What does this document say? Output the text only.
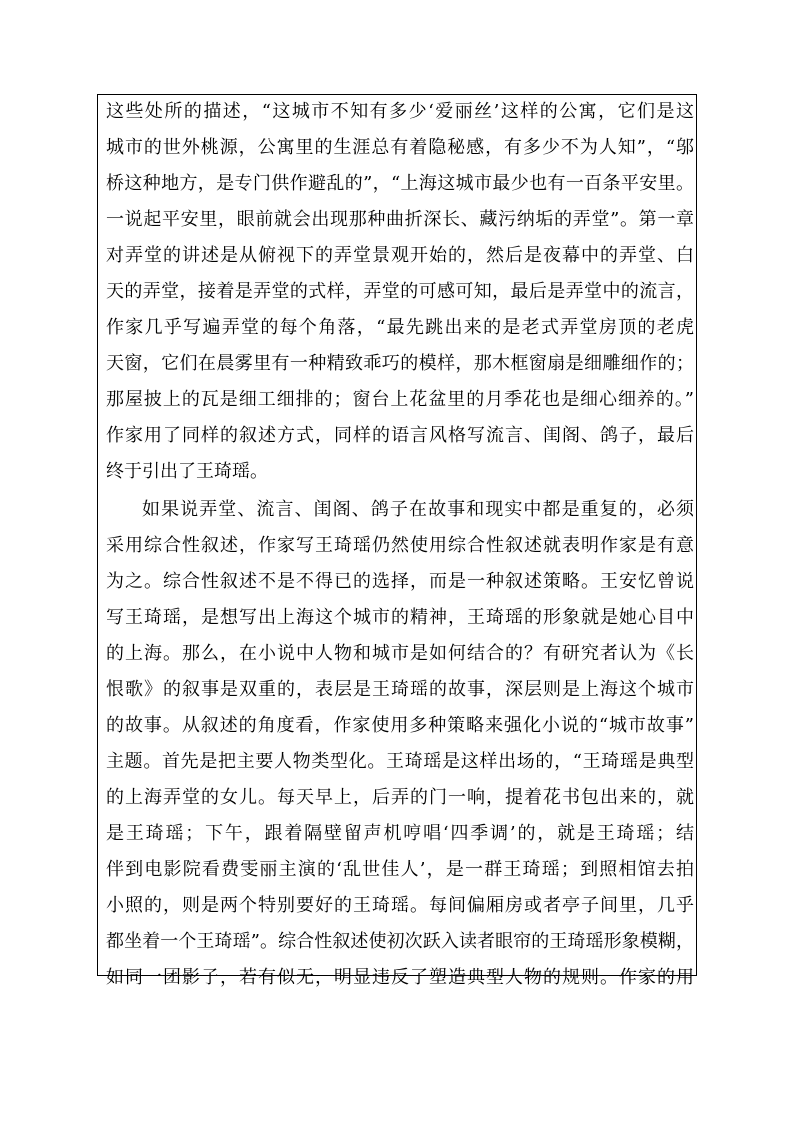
这些处所的描述，“这城市不知有多少‘爱丽丝’这样的公寓，它们是这
城市的世外桃源，公寓里的生涯总有着隐秘感，有多少不为人知”，“邬
桥这种地方，是专门供作避乱的”，“上海这城市最少也有一百条平安里。
一说起平安里，眼前就会出现那种曲折深长、藏污纳垢的弄堂”。第一章
对弄堂的讲述是从俯视下的弄堂景观开始的，然后是夜幕中的弄堂、白
天的弄堂，接着是弄堂的式样，弄堂的可感可知，最后是弄堂中的流言，
作家几乎写遍弄堂的每个角落，“最先跳出来的是老式弄堂房顶的老虎
天窗，它们在晨雾里有一种精致乖巧的模样，那木框窗扇是细雕细作的；
那屋披上的瓦是细工细排的；窗台上花盆里的月季花也是细心细养的。”
作家用了同样的叙述方式，同样的语言风格写流言、闺阁、鸽子，最后
终于引出了王琦瑶。
如果说弄堂、流言、闺阁、鸽子在故事和现实中都是重复的，必须
采用综合性叙述，作家写王琦瑶仍然使用综合性叙述就表明作家是有意
为之。综合性叙述不是不得已的选择，而是一种叙述策略。王安忆曾说
写王琦瑶，是想写出上海这个城市的精神，王琦瑶的形象就是她心目中
的上海。那么，在小说中人物和城市是如何结合的？有研究者认为《长
恨歌》的叙事是双重的，表层是王琦瑶的故事，深层则是上海这个城市
的故事。从叙述的角度看，作家使用多种策略来强化小说的“城市故事”
主题。首先是把主要人物类型化。王琦瑶是这样出场的，“王琦瑶是典型
的上海弄堂的女儿。每天早上，后弄的门一响，提着花书包出来的，就
是王琦瑶；下午，跟着隔壁留声机哼唱‘四季调’的，就是王琦瑶；结
伴到电影院看费雯丽主演的‘乱世佳人’，是一群王琦瑶；到照相馆去拍
小照的，则是两个特别要好的王琦瑶。每间偏厢房或者亭子间里，几乎
都坐着一个王琦瑶”。综合性叙述使初次跃入读者眼帘的王琦瑶形象模糊，
如同一团影子，若有似无，明显违反了塑造典型人物的规则。作家的用
